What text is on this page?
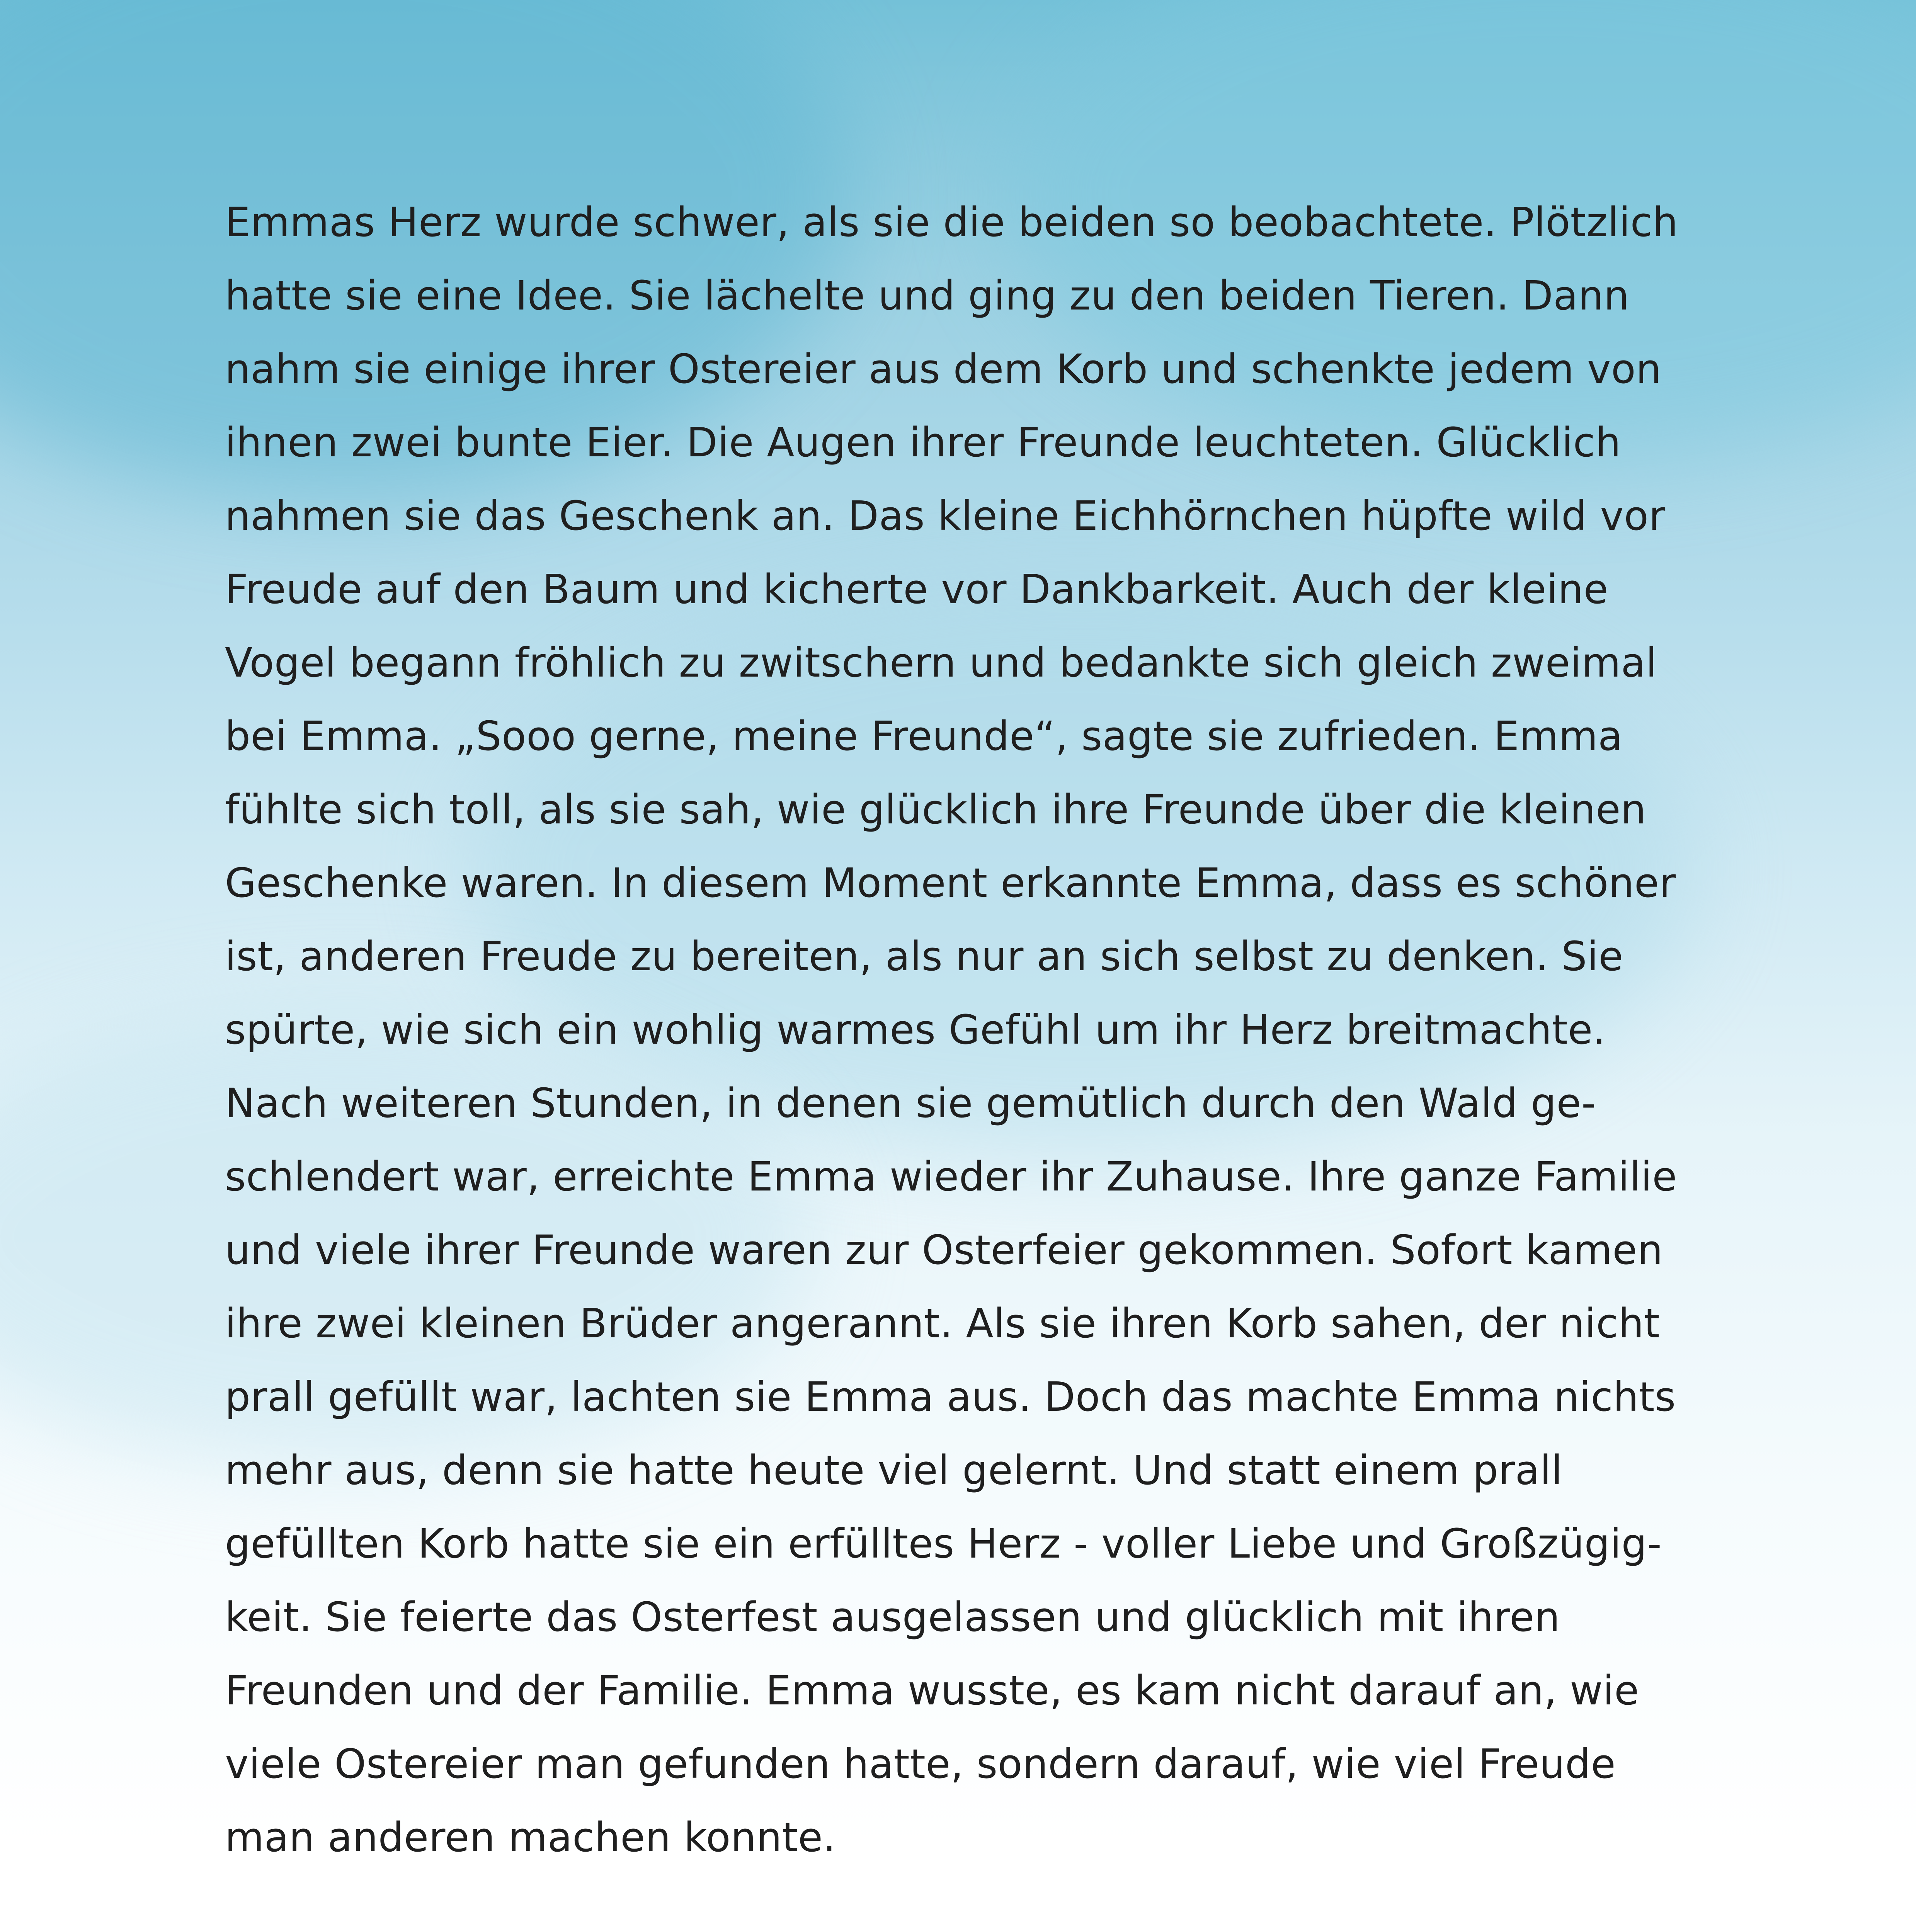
Emmas Herz wurde schwer, als sie die beiden so beobachtete. Plötzlich
hatte sie eine Idee. Sie lächelte und ging zu den beiden Tieren. Dann
nahm sie einige ihrer Ostereier aus dem Korb und schenkte jedem von
ihnen zwei bunte Eier. Die Augen ihrer Freunde leuchteten. Glücklich
nahmen sie das Geschenk an. Das kleine Eichhörnchen hüpfte wild vor
Freude auf den Baum und kicherte vor Dankbarkeit. Auch der kleine
Vogel begann fröhlich zu zwitschern und bedankte sich gleich zweimal
bei Emma. „Sooo gerne, meine Freunde“, sagte sie zufrieden. Emma
fühlte sich toll, als sie sah, wie glücklich ihre Freunde über die kleinen
Geschenke waren. In diesem Moment erkannte Emma, dass es schöner
ist, anderen Freude zu bereiten, als nur an sich selbst zu denken. Sie
spürte, wie sich ein wohlig warmes Gefühl um ihr Herz breitmachte.
Nach weiteren Stunden, in denen sie gemütlich durch den Wald ge-
schlendert war, erreichte Emma wieder ihr Zuhause. Ihre ganze Familie
und viele ihrer Freunde waren zur Osterfeier gekommen. Sofort kamen
ihre zwei kleinen Brüder angerannt. Als sie ihren Korb sahen, der nicht
prall gefüllt war, lachten sie Emma aus. Doch das machte Emma nichts
mehr aus, denn sie hatte heute viel gelernt. Und statt einem prall
gefüllten Korb hatte sie ein erfülltes Herz - voller Liebe und Großzügig-
keit. Sie feierte das Osterfest ausgelassen und glücklich mit ihren
Freunden und der Familie. Emma wusste, es kam nicht darauf an, wie
viele Ostereier man gefunden hatte, sondern darauf, wie viel Freude
man anderen machen konnte.
